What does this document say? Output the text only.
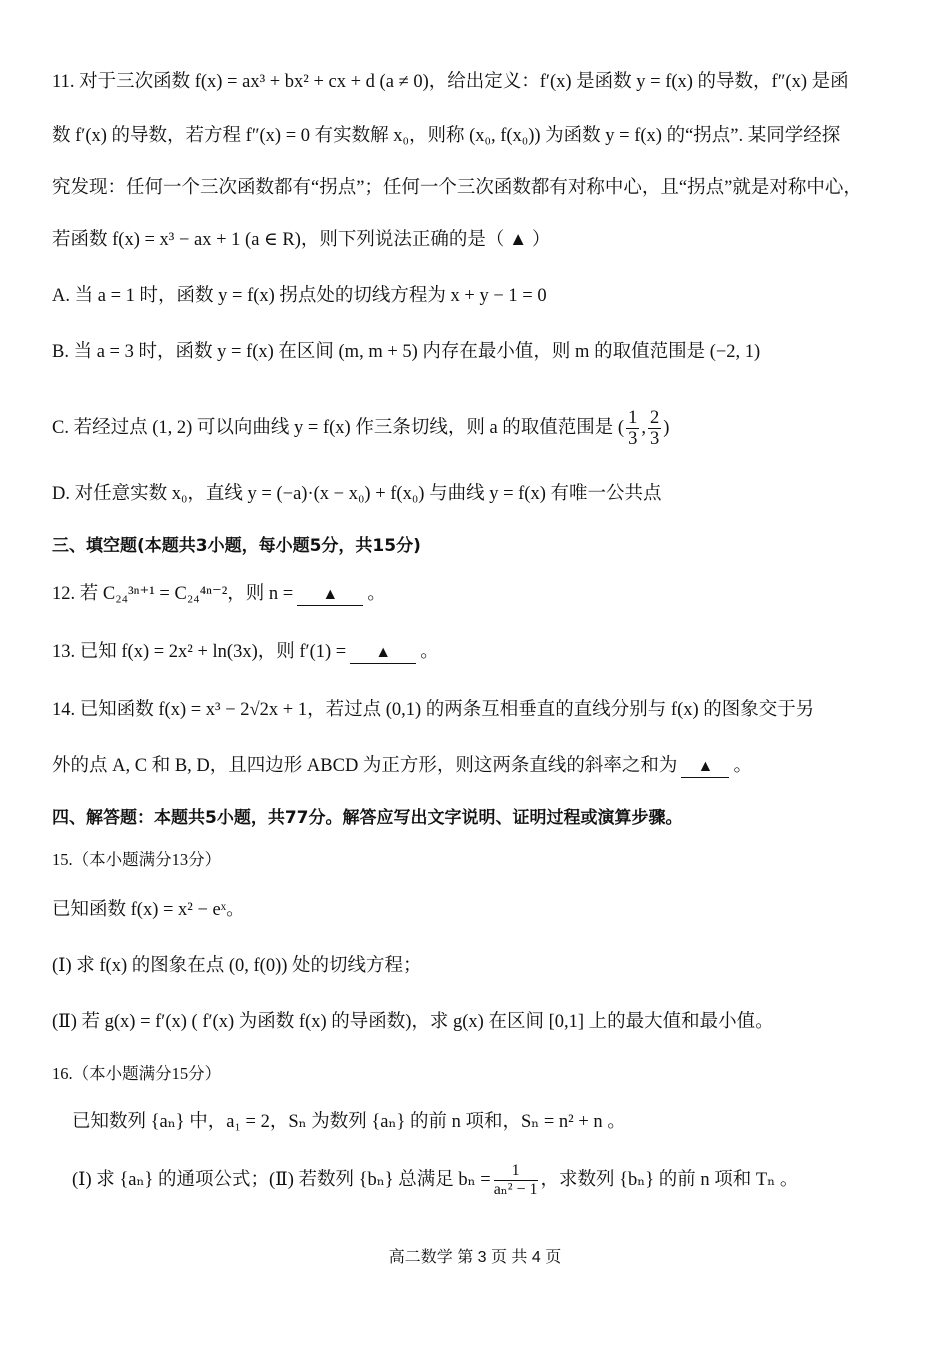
11. 对于三次函数 f(x) = ax³ + bx² + cx + d (a ≠ 0)，给出定义：f′(x) 是函数 y = f(x) 的导数，f″(x) 是函
数 f′(x) 的导数，若方程 f″(x) = 0 有实数解 x₀，则称 (x₀, f(x₀)) 为函数 y = f(x) 的“拐点”. 某同学经探
究发现：任何一个三次函数都有“拐点”；任何一个三次函数都有对称中心，且“拐点”就是对称中心，
若函数 f(x) = x³ − ax + 1 (a ∈ R)，则下列说法正确的是（ ▲ ）
A. 当 a = 1 时，函数 y = f(x) 拐点处的切线方程为 x + y − 1 = 0
B. 当 a = 3 时，函数 y = f(x) 在区间 (m, m + 5) 内存在最小值，则 m 的取值范围是 (−2, 1)
C. 若经过点 (1, 2) 可以向曲线 y = f(x) 作三条切线，则 a 的取值范围是 ( $\frac{1}{3}$ , $\frac{2}{3}$ )
D. 对任意实数 x₀，直线 y = (−a)·(x − x₀) + f(x₀) 与曲线 y = f(x) 有唯一公共点
三、填空题(本题共3小题，每小题5分，共15分)
12. 若 C₂₄³ⁿ⁺¹ = C₂₄⁴ⁿ⁻²，则 n = ▲ 。
13. 已知 f(x) = 2x² + ln(3x)，则 f′(1) = ▲ 。
14. 已知函数 f(x) = x³ − 2√2x + 1，若过点 (0,1) 的两条互相垂直的直线分别与 f(x) 的图象交于另
外的点 A, C 和 B, D，且四边形 ABCD 为正方形，则这两条直线的斜率之和为 ▲ 。
四、解答题：本题共5小题，共77分。解答应写出文字说明、证明过程或演算步骤。
15.（本小题满分13分）
已知函数 f(x) = x² − eˣ。
(Ⅰ) 求 f(x) 的图象在点 (0, f(0)) 处的切线方程；
(Ⅱ) 若 g(x) = f′(x) ( f′(x) 为函数 f(x) 的导函数)，求 g(x) 在区间 [0,1] 上的最大值和最小值。
16.（本小题满分15分）
已知数列 {aₙ} 中，a₁ = 2，Sₙ 为数列 {aₙ} 的前 n 项和，Sₙ = n² + n 。
(Ⅰ) 求 {aₙ} 的通项公式；(Ⅱ) 若数列 {bₙ} 总满足 $b_n = \frac{1}{\text{aₙ² − 1}}$ ，求数列 {bₙ} 的前 n 项和 Tₙ 。
高二数学 第 3 页 共 4 页
